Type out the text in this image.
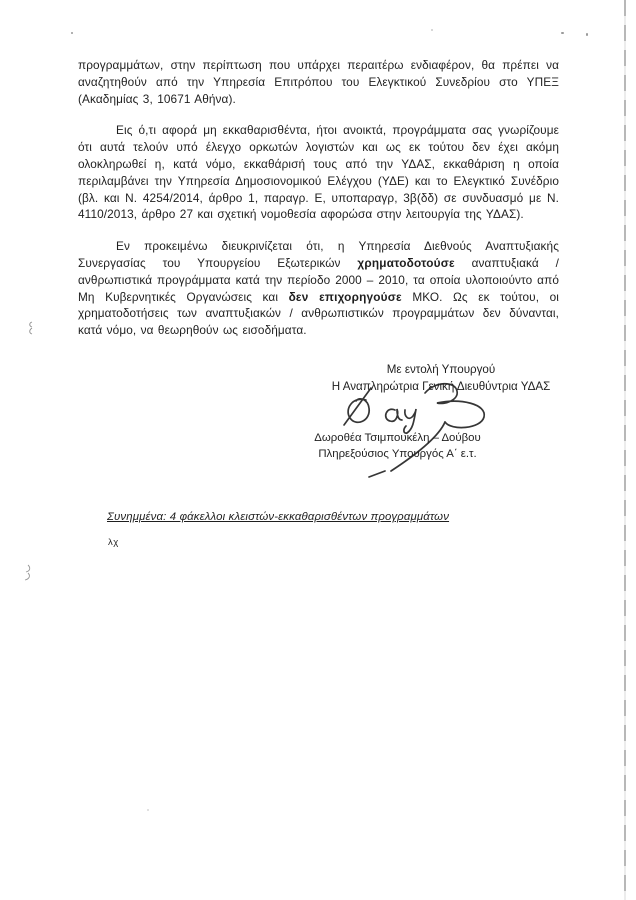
προγραμμάτων, στην περίπτωση που υπάρχει περαιτέρω ενδιαφέρον, θα πρέπει να αναζητηθούν από την Υπηρεσία Επιτρόπου του Ελεγκτικού Συνεδρίου στο ΥΠΕΞ (Ακαδημίας 3, 10671 Αθήνα).

Εις ό,τι αφορά μη εκκαθαρισθέντα, ήτοι ανοικτά, προγράμματα σας γνωρίζουμε ότι αυτά τελούν υπό έλεγχο ορκωτών λογιστών και ως εκ τούτου δεν έχει ακόμη ολοκληρωθεί η, κατά νόμο, εκκαθάρισή τους από την ΥΔΑΣ, εκκαθάριση η οποία περιλαμβάνει την Υπηρεσία Δημοσιονομικού Ελέγχου (ΥΔΕ) και το Ελεγκτικό Συνέδριο (βλ. και Ν. 4254/2014, άρθρο 1, παραγρ. Ε, υποπαραγρ, 3β(δδ) σε συνδυασμό με Ν. 4110/2013, άρθρο 27 και σχετική νομοθεσία αφορώσα στην λειτουργία της ΥΔΑΣ).

Εν προκειμένω διευκρινίζεται ότι, η Υπηρεσία Διεθνούς Αναπτυξιακής Συνεργασίας του Υπουργείου Εξωτερικών χρηματοδοτούσε αναπτυξιακά / ανθρωπιστικά προγράμματα κατά την περίοδο 2000 – 2010, τα οποία υλοποιούντο από Μη Κυβερνητικές Οργανώσεις και δεν επιχορηγούσε ΜΚΟ. Ως εκ τούτου, οι χρηματοδοτήσεις των αναπτυξιακών / ανθρωπιστικών προγραμμάτων δεν δύνανται, κατά νόμο, να θεωρηθούν ως εισοδήματα.

Με εντολή Υπουργού
Η Αναπληρώτρια Γενική Διευθύντρια ΥΔΑΣ
Δωροθέα Τσιμπουκέλη – Δούβου
Πληρεξούσιος Υπουργός Α΄ ε.τ.
Συνημμένα: 4 φάκελλοι κλειστών-εκκαθαρισθέντων προγραμμάτων
λχ
